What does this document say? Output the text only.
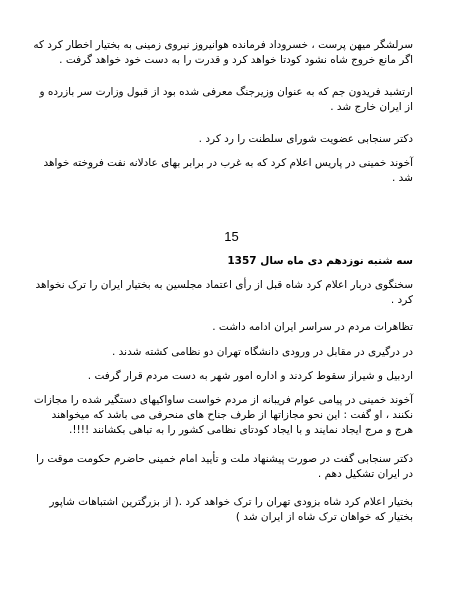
سرلشگر میهن پرست ، خسروداد فرمانده هوانیروز نیروی زمینی به بختیار اخطار کرد که
اگر مانع خروج شاه نشود کودتا خواهد کرد و قدرت را به دست خود خواهد گرفت .

ارتشبد فریدون جم که به عنوان وزیرجنگ معرفی شده بود از قبول وزارت سر بازرده و
از ایران خارج شد .

دکتر سنجابی عضویت شورای سلطنت را رد کرد .

آخوند خمینی در پاریس اعلام کرد که به غرب در برابر بهای عادلانه نفت فروخته خواهد
شد .

15

سه شنبه نوزدهم دی ماه سال 1357

سخنگوی دربار اعلام کرد شاه قبل از رأی اعتماد مجلسین به بختیار ایران را ترک نخواهد
کرد .

تظاهرات مردم در سراسر ایران ادامه داشت .

در درگیری در مقابل در ورودی دانشگاه تهران دو نظامی کشته شدند .

اردبیل و شیراز سقوط کردند و اداره امور شهر به دست مردم قرار گرفت .

آخوند خمینی در پیامی عوام فریبانه از مردم خواست ساواکیهای دستگیر شده را مجازات
نکنند ، او گفت : این نحو مجازاتها از طرف جناح های منحرفی می باشد که میخواهند
هرج و مرج ایجاد نمایند و با ایجاد کودتای نظامی کشور را به تباهی بکشانند !!!!.

دکتر سنجابی گفت در صورت پیشنهاد ملت و تأیید امام خمینی حاضرم حکومت موقت را
در ایران تشکیل دهم .

بختیار اعلام کرد شاه بزودی تهران را ترک خواهد کرد .( از بزرگترین اشتباهات شاپور
بختیار که خواهان ترک شاه از ایران شد )
